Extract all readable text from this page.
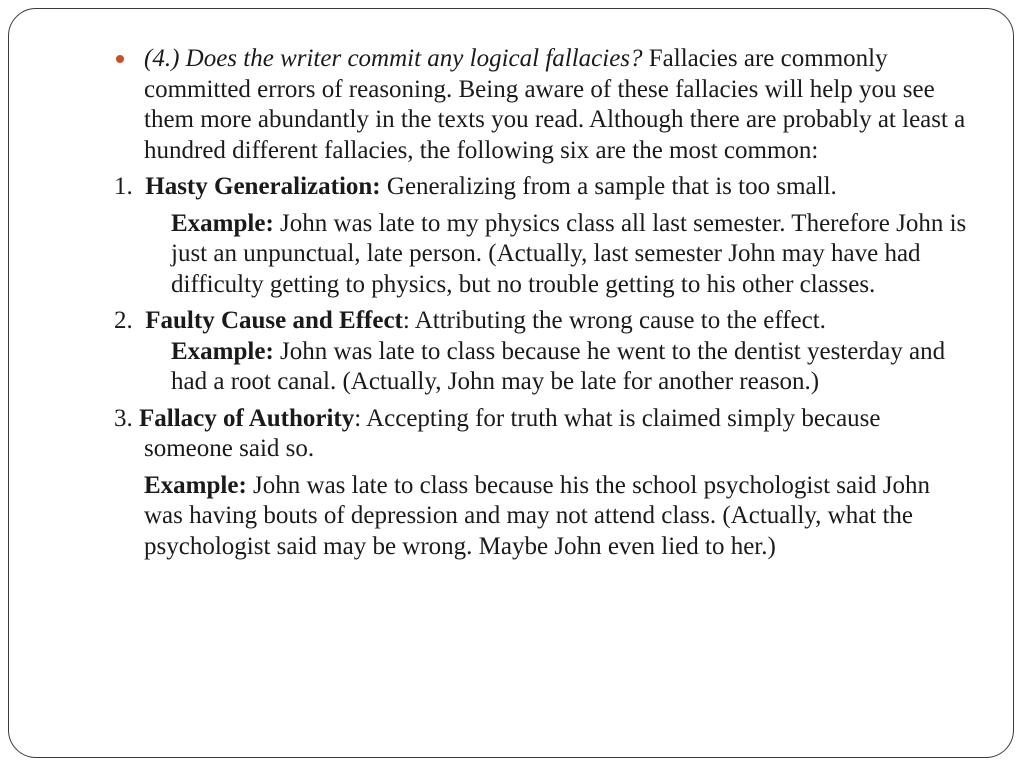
(4.) Does the writer commit any logical fallacies? Fallacies are commonly committed errors of reasoning. Being aware of these fallacies will help you see them more abundantly in the texts you read. Although there are probably at least a hundred different fallacies, the following six are the most common:

1. Hasty Generalization: Generalizing from a sample that is too small.

Example: John was late to my physics class all last semester. Therefore John is just an unpunctual, late person. (Actually, last semester John may have had difficulty getting to physics, but no trouble getting to his other classes.

2. Faulty Cause and Effect: Attributing the wrong cause to the effect.

Example: John was late to class because he went to the dentist yesterday and had a root canal. (Actually, John may be late for another reason.)

3. Fallacy of Authority: Accepting for truth what is claimed simply because someone said so.

Example: John was late to class because his the school psychologist said John was having bouts of depression and may not attend class. (Actually, what the psychologist said may be wrong. Maybe John even lied to her.)
